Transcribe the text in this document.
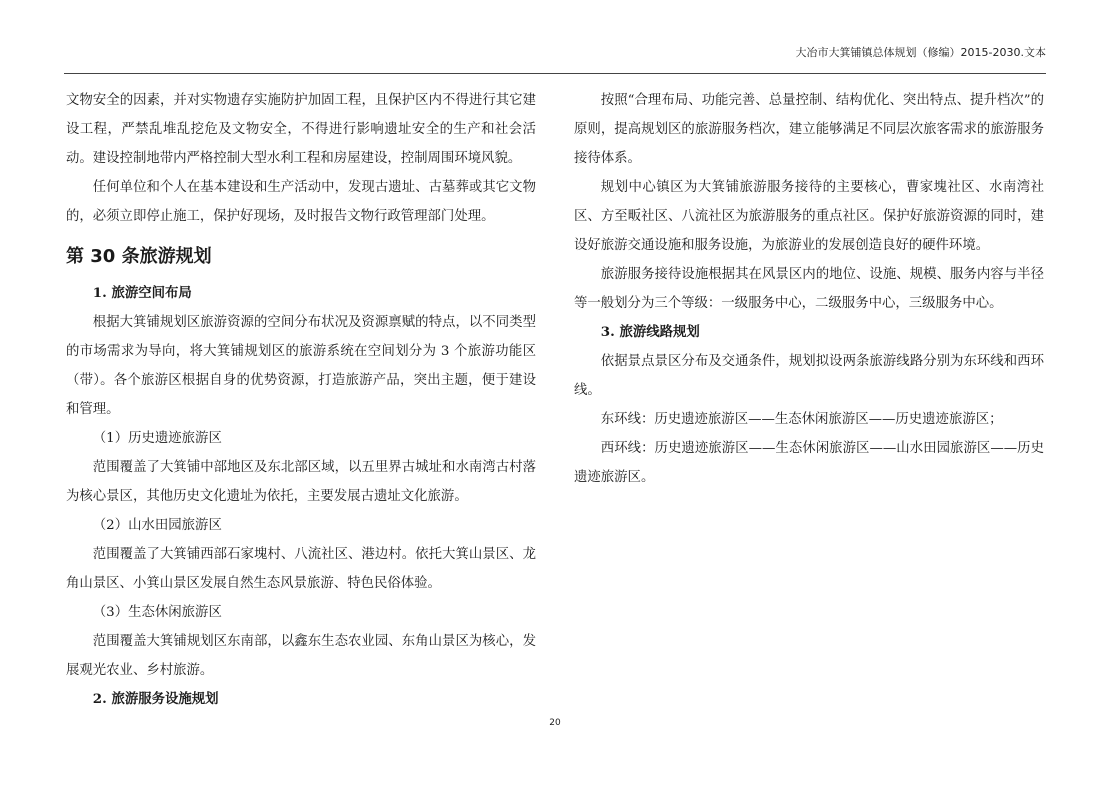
大冶市大箕铺镇总体规划（修编）2015-2030.文本

文物安全的因素，并对实物遗存实施防护加固工程，且保护区内不得进行其它建设工程，严禁乱堆乱挖危及文物安全，不得进行影响遗址安全的生产和社会活动。建设控制地带内严格控制大型水利工程和房屋建设，控制周围环境风貌。

任何单位和个人在基本建设和生产活动中，发现古遗址、古墓葬或其它文物的，必须立即停止施工，保护好现场，及时报告文物行政管理部门处理。

第 30 条旅游规划

1. 旅游空间布局

根据大箕铺规划区旅游资源的空间分布状况及资源禀赋的特点，以不同类型的市场需求为导向，将大箕铺规划区的旅游系统在空间划分为 3 个旅游功能区（带）。各个旅游区根据自身的优势资源，打造旅游产品，突出主题，便于建设和管理。

（1）历史遗迹旅游区

范围覆盖了大箕铺中部地区及东北部区域，以五里界古城址和水南湾古村落为核心景区，其他历史文化遗址为依托，主要发展古遗址文化旅游。

（2）山水田园旅游区

范围覆盖了大箕铺西部石家塊村、八流社区、港边村。依托大箕山景区、龙角山景区、小箕山景区发展自然生态风景旅游、特色民俗体验。

（3）生态休闲旅游区

范围覆盖大箕铺规划区东南部，以鑫东生态农业园、东角山景区为核心，发展观光农业、乡村旅游。

2. 旅游服务设施规划

按照“合理布局、功能完善、总量控制、结构优化、突出特点、提升档次”的原则，提高规划区的旅游服务档次，建立能够满足不同层次旅客需求的旅游服务接待体系。

规划中心镇区为大箕铺旅游服务接待的主要核心，曹家塊社区、水南湾社区、方至畈社区、八流社区为旅游服务的重点社区。保护好旅游资源的同时，建设好旅游交通设施和服务设施，为旅游业的发展创造良好的硬件环境。

旅游服务接待设施根据其在风景区内的地位、设施、规模、服务内容与半径等一般划分为三个等级：一级服务中心，二级服务中心，三级服务中心。

3. 旅游线路规划

依据景点景区分布及交通条件，规划拟设两条旅游线路分别为东环线和西环线。

东环线：历史遗迹旅游区——生态休闲旅游区——历史遗迹旅游区；

西环线：历史遗迹旅游区——生态休闲旅游区——山水田园旅游区——历史遗迹旅游区。

20
